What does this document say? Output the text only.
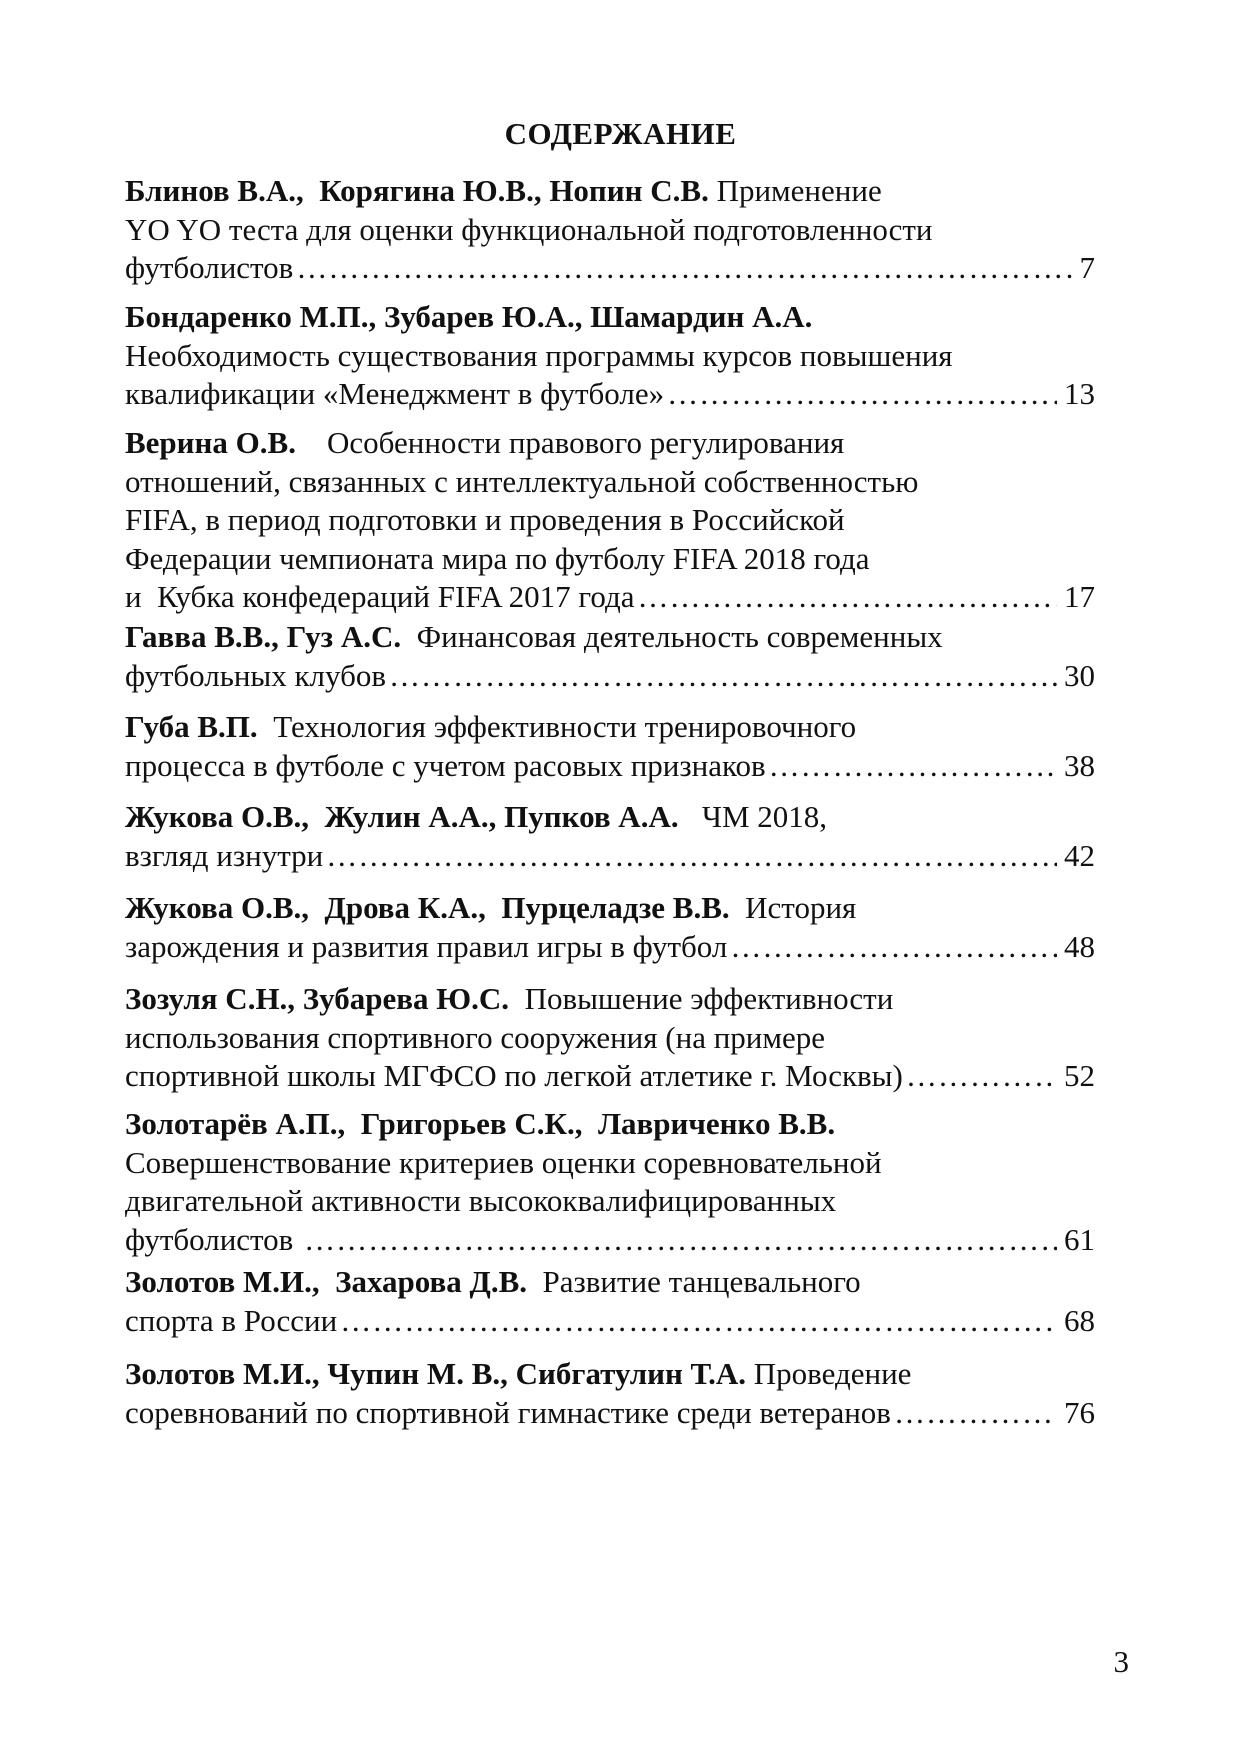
СОДЕРЖАНИЕ
Блинов В.А.,  Корягина Ю.В., Нопин С.В. Применение
YO YO теста для оценки функциональной подготовленности
футболистов ……………………………………………………………………………………………………………………………………………………………………	7
Бондаренко М.П., Зубарев Ю.А., Шамардин А.А.
Необходимость существования программы курсов повышения
квалификации «Менеджмент в футболе» ……………………………………………………………………………………………………………………………………………………………………	13
Верина О.В.    Особенности правового регулирования
отношений, связанных с интеллектуальной собственностью
FIFA, в период подготовки и проведения в Российской
Федерации чемпионата мира по футболу FIFA 2018 года
и  Кубка конфедераций FIFA 2017 года ……………………………………………………………………………………………………………………………………………………………………	17
Гавва В.В., Гуз А.С.  Финансовая деятельность современных
футбольных клубов ……………………………………………………………………………………………………………………………………………………………………	30
Губа В.П.  Технология эффективности тренировочного
процесса в футболе с учетом расовых признаков ……………………………………………………………………………………………………………………………………………………………………	38
Жукова О.В.,  Жулин А.А., Пупков А.А.   ЧМ 2018,
взгляд изнутри ……………………………………………………………………………………………………………………………………………………………………	42
Жукова О.В.,  Дрова К.А.,  Пурцеладзе В.В.  История
зарождения и развития правил игры в футбол ……………………………………………………………………………………………………………………………………………………………………	48
Зозуля С.Н., Зубарева Ю.С.  Повышение эффективности
использования спортивного сооружения (на примере
спортивной школы МГФСО по легкой атлетике г. Москвы) ……………………………………………………………………………………………………………………………………………………………………	52
Золотарёв А.П.,  Григорьев С.К.,  Лавриченко В.В.
Совершенствование критериев оценки соревновательной
двигательной активности высококвалифицированных
футболистов ……………………………………………………………………………………………………………………………………………………………………	61
Золотов М.И.,  Захарова Д.В.  Развитие танцевального
спорта в России ……………………………………………………………………………………………………………………………………………………………………	68
Золотов М.И., Чупин М. В., Сибгатулин Т.А. Проведение
соревнований по спортивной гимнастике среди ветеранов ……………………………………………………………………………………………………………………………………………………………………	76
3
